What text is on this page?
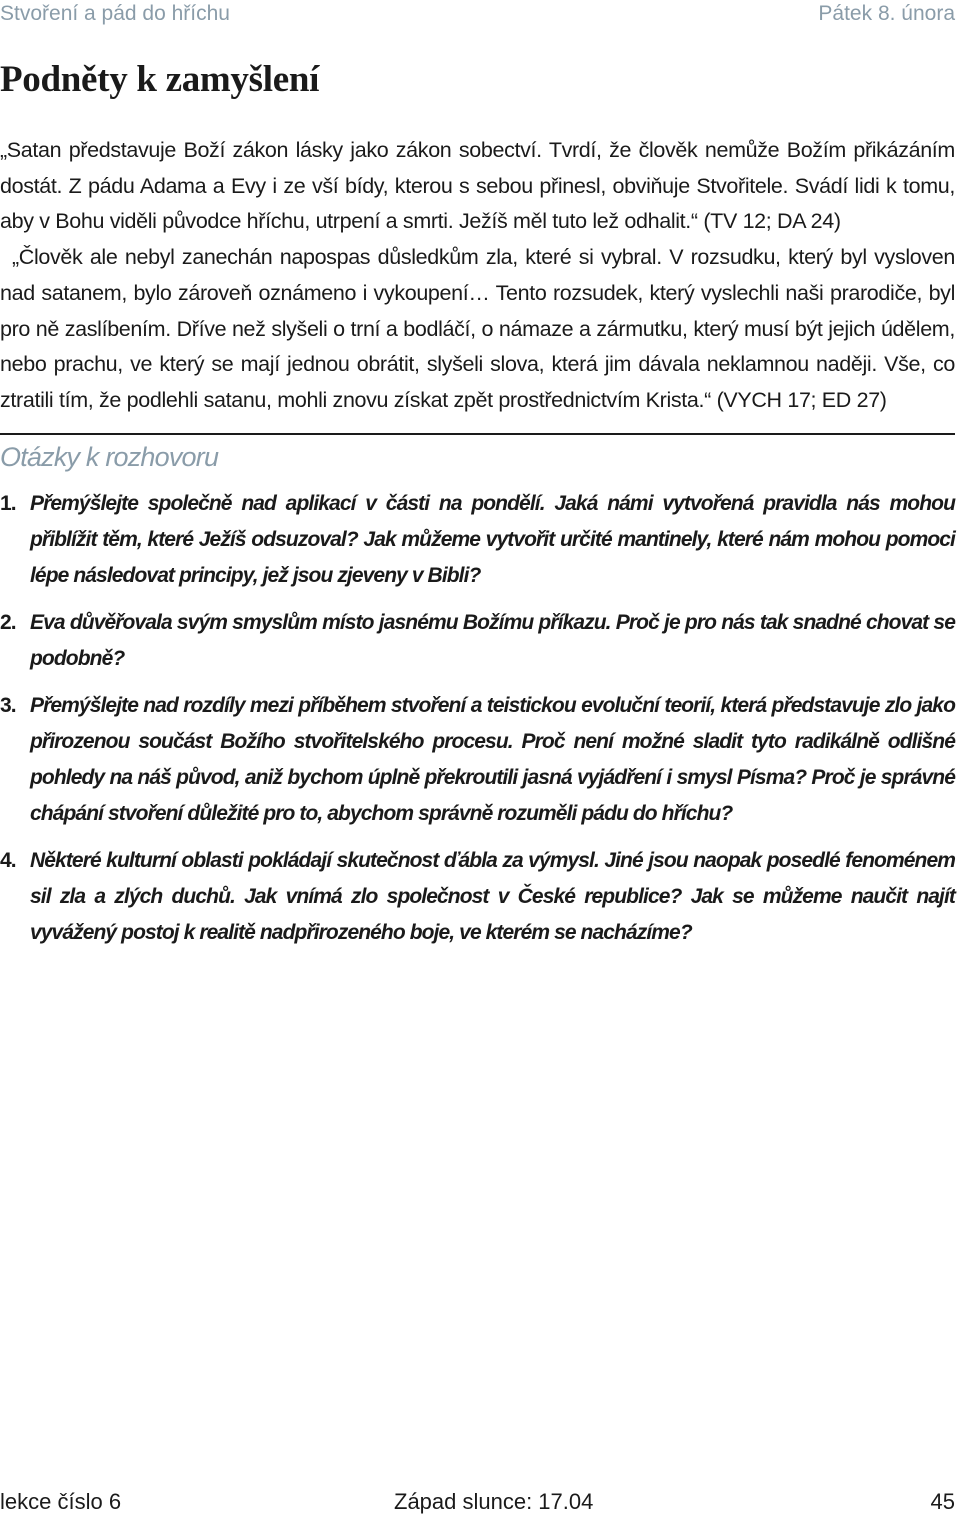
Stvoření a pád do hříchu	Pátek 8. února
Podněty k zamyšlení

„Satan představuje Boží zákon lásky jako zákon sobectví. Tvrdí, že člověk nemůže Božím přikázáním dostát. Z pádu Adama a Evy i ze vší bídy, kterou s sebou přinesl, obviňuje Stvořitele. Svádí lidi k tomu, aby v Bohu viděli původce hříchu, utrpení a smrti. Ježíš měl tuto lež odhalit.“ (TV 12; DA 24)

„Člověk ale nebyl zanechán napospas důsledkům zla, které si vybral. V rozsudku, který byl vysloven nad satanem, bylo zároveň oznámeno i vykoupení… Tento rozsudek, který vyslechli naši prarodiče, byl pro ně zaslíbením. Dříve než slyšeli o trní a bodláčí, o námaze a zármutku, který musí být jejich údělem, nebo prachu, ve který se mají jednou obrátit, slyšeli slova, která jim dávala neklamnou naději. Vše, co ztratili tím, že podlehli satanu, mohli znovu získat zpět prostřednictvím Krista.“ (VYCH 17; ED 27)

Otázky k rozhovoru
1. Přemýšlejte společně nad aplikací v části na pondělí. Jaká námi vytvořená pravidla nás mohou přiblížit těm, které Ježíš odsuzoval? Jak můžeme vytvořit určité mantinely, které nám mohou pomoci lépe následovat principy, jež jsou zjeveny v Bibli?
2. Eva důvěřovala svým smyslům místo jasnému Božímu příkazu. Proč je pro nás tak snadné chovat se podobně?
3. Přemýšlejte nad rozdíly mezi příběhem stvoření a teistickou evoluční teorií, která představuje zlo jako přirozenou součást Božího stvořitelského procesu. Proč není možné sladit tyto radikálně odlišné pohledy na náš původ, aniž bychom úplně překroutili jasná vyjádření i smysl Písma? Proč je správné chápání stvoření důležité pro to, abychom správně rozuměli pádu do hříchu?
4. Některé kulturní oblasti pokládají skutečnost ďábla za výmysl. Jiné jsou naopak posedlé fenoménem sil zla a zlých duchů. Jak vnímá zlo společnost v České republice? Jak se můžeme naučit najít vyvážený postoj k realitě nadpřirozeného boje, ve kterém se nacházíme?
lekce číslo 6	Západ slunce: 17.04	45
